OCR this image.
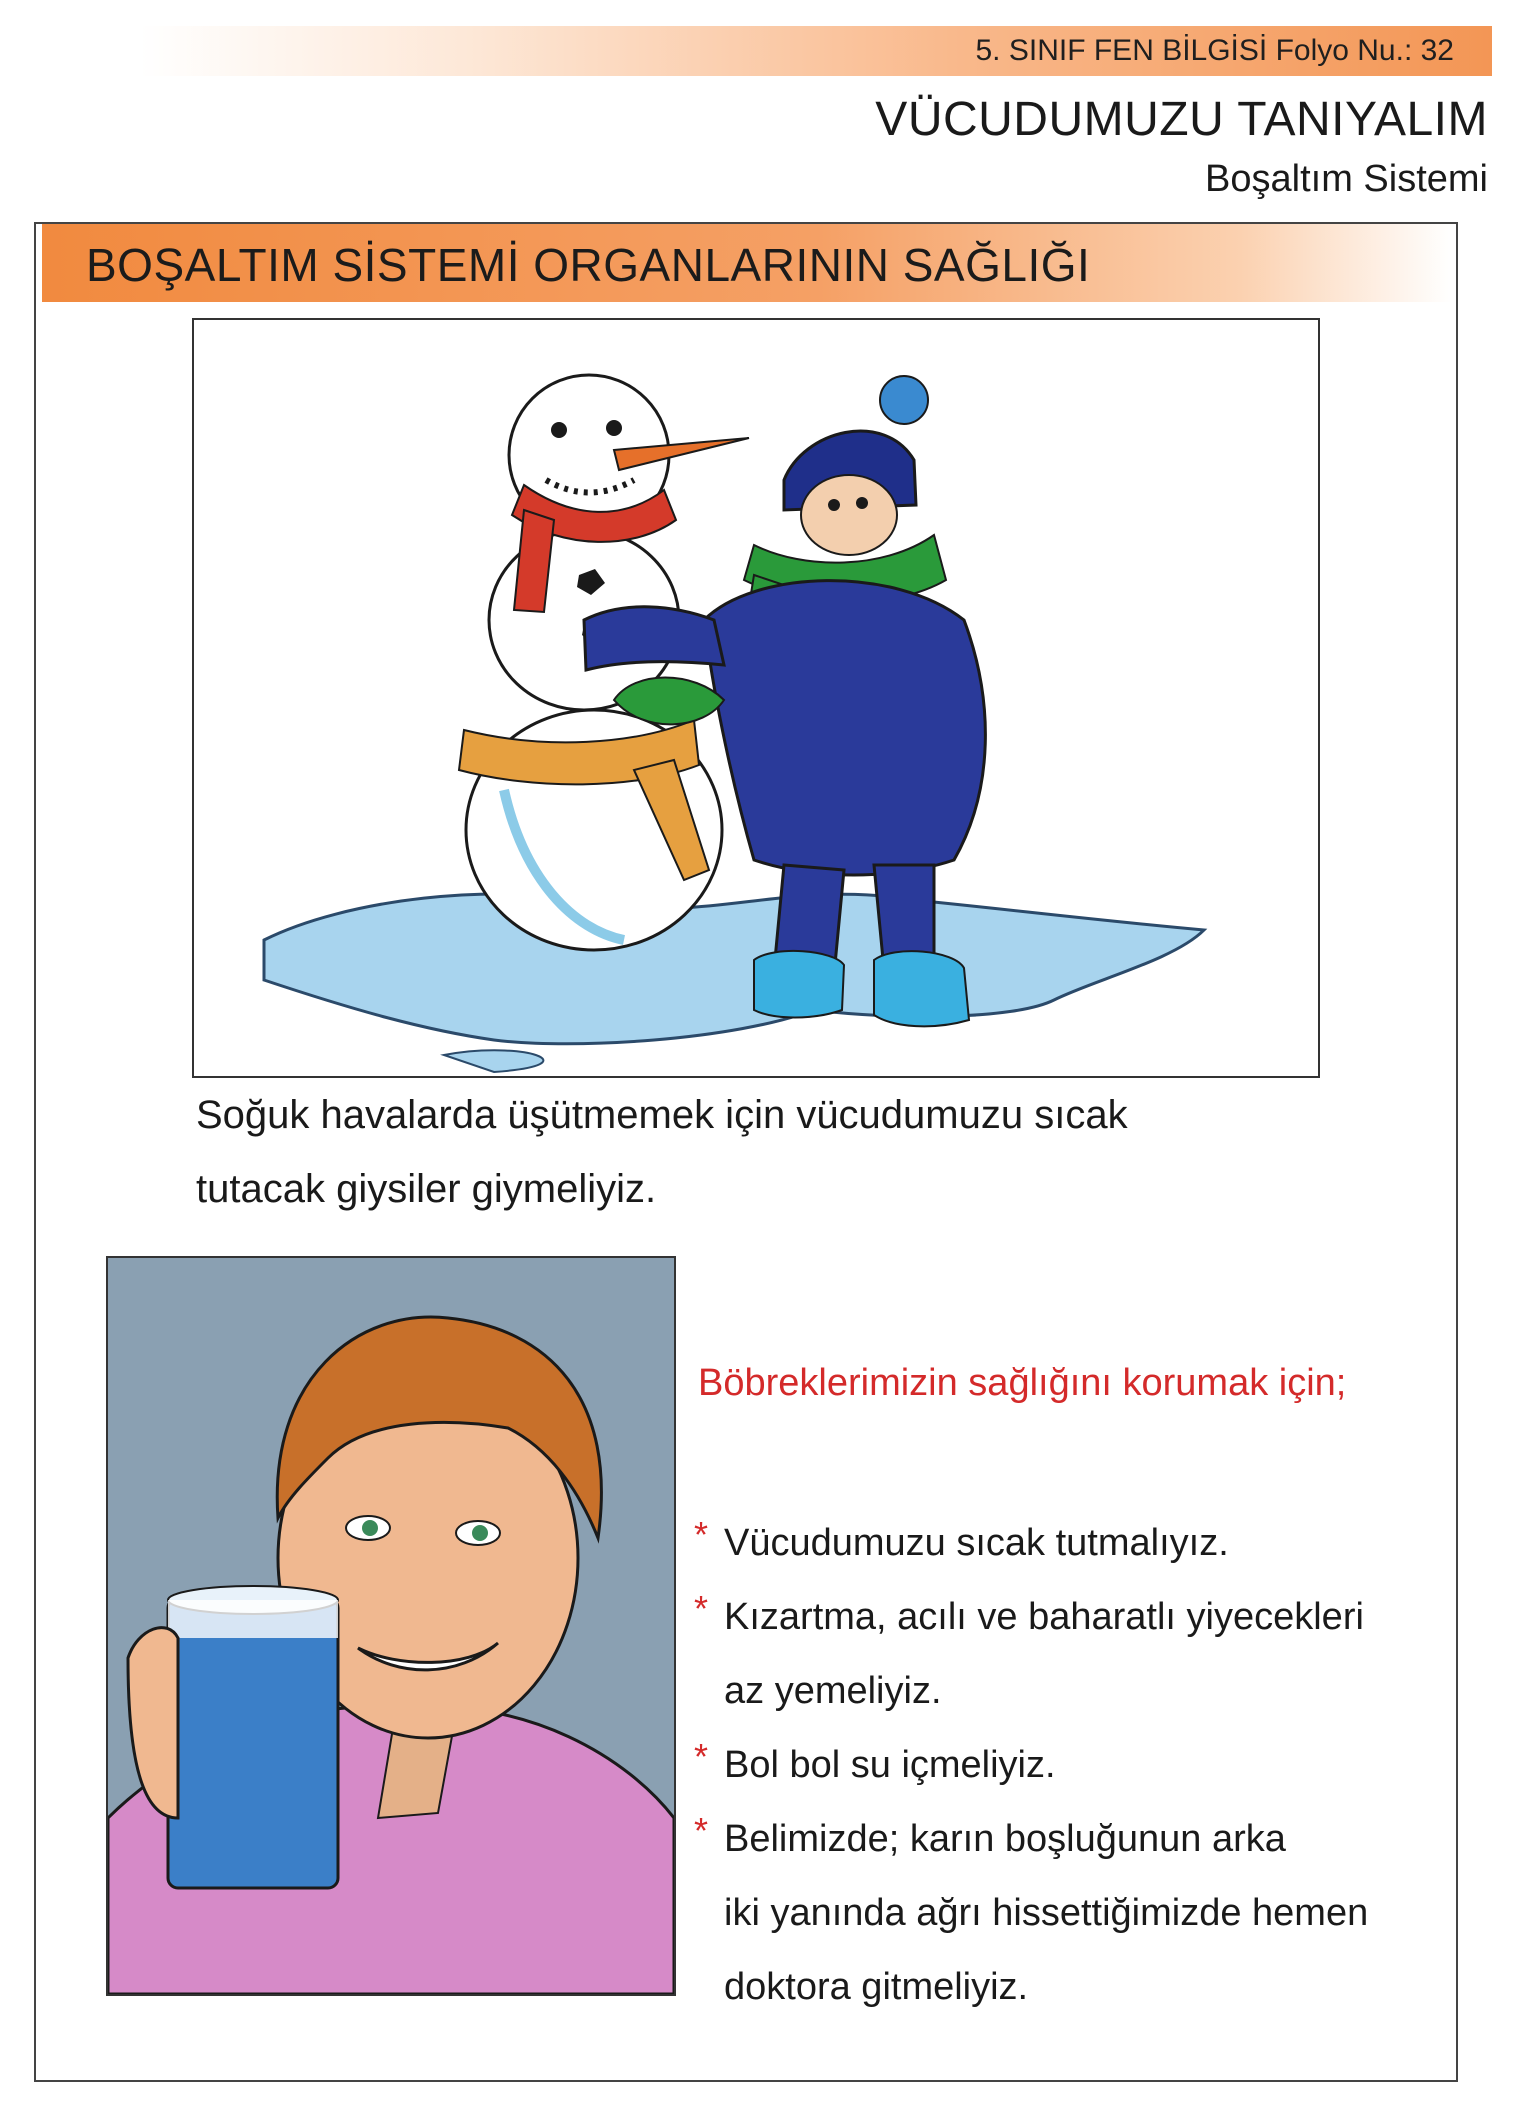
5. SINIF FEN BİLGİSİ Folyo Nu.: 32
VÜCUDUMUZU TANIYALIM
Boşaltım Sistemi
BOŞALTIM SİSTEMİ ORGANLARININ SAĞLIĞI
Soğuk havalarda üşütmemek için vücudumuzu sıcak
tutacak giysiler giymeliyiz.
Böbreklerimizin sağlığını korumak için;
* Vücudumuzu sıcak tutmalıyız.
* Kızartma, acılı ve baharatlı yiyecekleri
az yemeliyiz.
* Bol bol su içmeliyiz.
* Belimizde; karın boşluğunun arka
iki yanında ağrı hissettiğimizde hemen
doktora gitmeliyiz.
